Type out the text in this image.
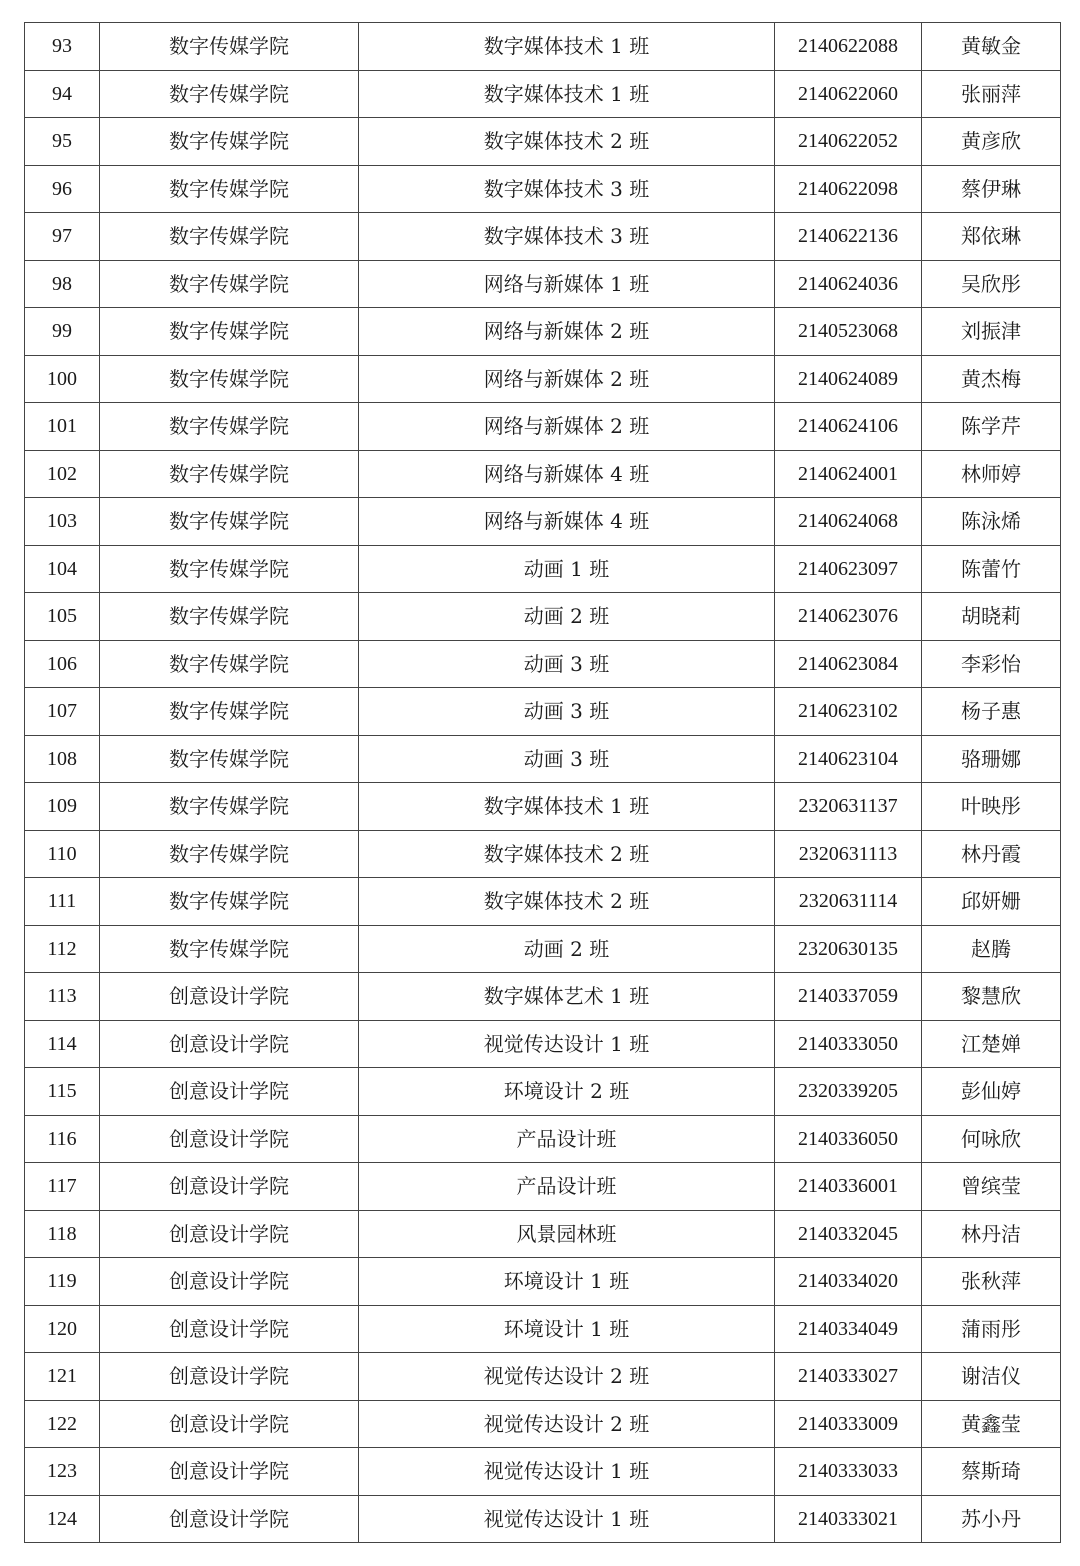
93	数字传媒学院	数字媒体技术 1 班	2140622088	黄敏金
94	数字传媒学院	数字媒体技术 1 班	2140622060	张丽萍
95	数字传媒学院	数字媒体技术 2 班	2140622052	黄彦欣
96	数字传媒学院	数字媒体技术 3 班	2140622098	蔡伊琳
97	数字传媒学院	数字媒体技术 3 班	2140622136	郑依琳
98	数字传媒学院	网络与新媒体 1 班	2140624036	吴欣彤
99	数字传媒学院	网络与新媒体 2 班	2140523068	刘振津
100	数字传媒学院	网络与新媒体 2 班	2140624089	黄杰梅
101	数字传媒学院	网络与新媒体 2 班	2140624106	陈学芹
102	数字传媒学院	网络与新媒体 4 班	2140624001	林师婷
103	数字传媒学院	网络与新媒体 4 班	2140624068	陈泳烯
104	数字传媒学院	动画 1 班	2140623097	陈蕾竹
105	数字传媒学院	动画 2 班	2140623076	胡晓莉
106	数字传媒学院	动画 3 班	2140623084	李彩怡
107	数字传媒学院	动画 3 班	2140623102	杨子惠
108	数字传媒学院	动画 3 班	2140623104	骆珊娜
109	数字传媒学院	数字媒体技术 1 班	2320631137	叶映彤
110	数字传媒学院	数字媒体技术 2 班	2320631113	林丹霞
111	数字传媒学院	数字媒体技术 2 班	2320631114	邱妍姗
112	数字传媒学院	动画 2 班	2320630135	赵腾
113	创意设计学院	数字媒体艺术 1 班	2140337059	黎慧欣
114	创意设计学院	视觉传达设计 1 班	2140333050	江楚婵
115	创意设计学院	环境设计 2 班	2320339205	彭仙婷
116	创意设计学院	产品设计班	2140336050	何咏欣
117	创意设计学院	产品设计班	2140336001	曾缤莹
118	创意设计学院	风景园林班	2140332045	林丹洁
119	创意设计学院	环境设计 1 班	2140334020	张秋萍
120	创意设计学院	环境设计 1 班	2140334049	蒲雨彤
121	创意设计学院	视觉传达设计 2 班	2140333027	谢洁仪
122	创意设计学院	视觉传达设计 2 班	2140333009	黄鑫莹
123	创意设计学院	视觉传达设计 1 班	2140333033	蔡斯琦
124	创意设计学院	视觉传达设计 1 班	2140333021	苏小丹
